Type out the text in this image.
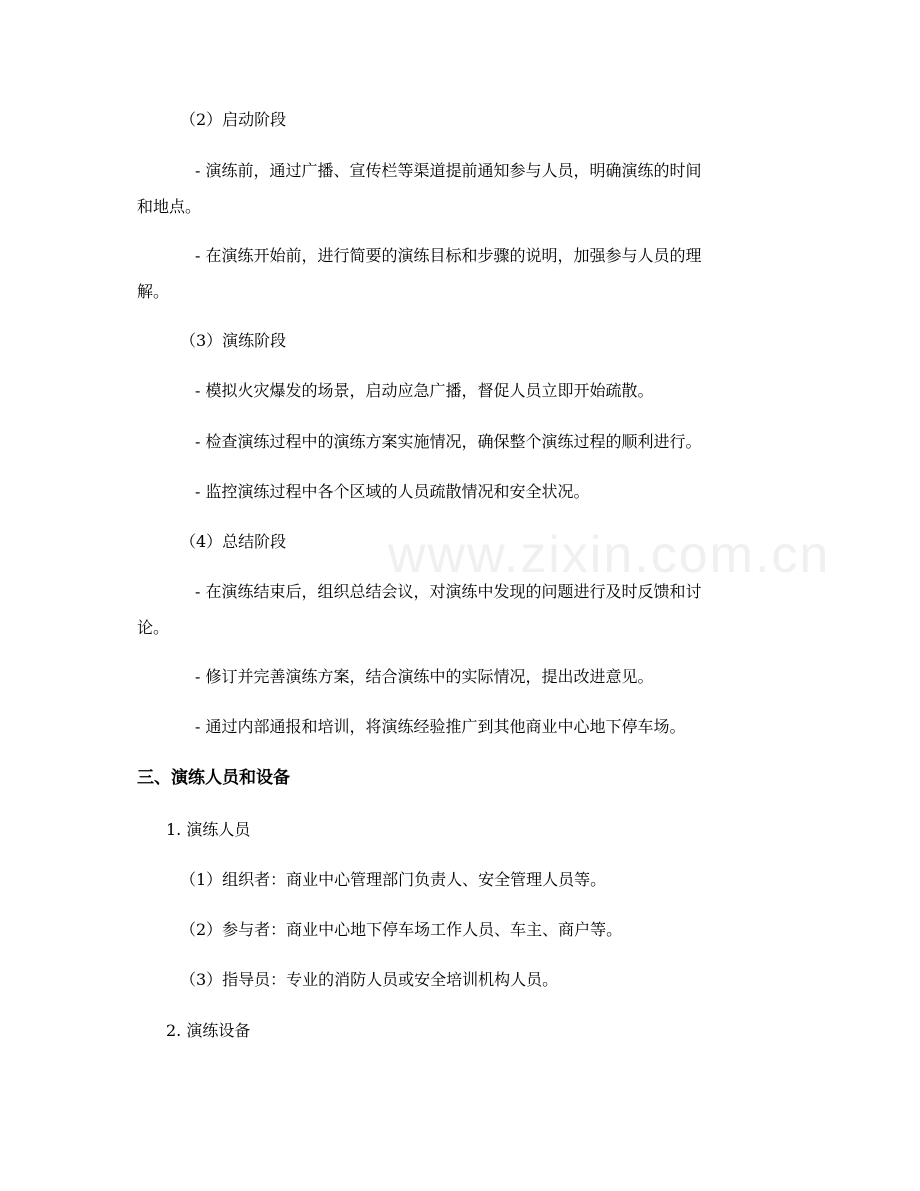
www.zixin.com.cn

（2）启动阶段

- 演练前，通过广播、宣传栏等渠道提前通知参与人员，明确演练的时间

和地点。

- 在演练开始前，进行简要的演练目标和步骤的说明，加强参与人员的理

解。

（3）演练阶段

- 模拟火灾爆发的场景，启动应急广播，督促人员立即开始疏散。

- 检查演练过程中的演练方案实施情况，确保整个演练过程的顺利进行。

- 监控演练过程中各个区域的人员疏散情况和安全状况。

（4）总结阶段

- 在演练结束后，组织总结会议，对演练中发现的问题进行及时反馈和讨

论。

- 修订并完善演练方案，结合演练中的实际情况，提出改进意见。

- 通过内部通报和培训，将演练经验推广到其他商业中心地下停车场。

三、演练人员和设备

1. 演练人员

（1）组织者：商业中心管理部门负责人、安全管理人员等。

（2）参与者：商业中心地下停车场工作人员、车主、商户等。

（3）指导员：专业的消防人员或安全培训机构人员。

2. 演练设备
